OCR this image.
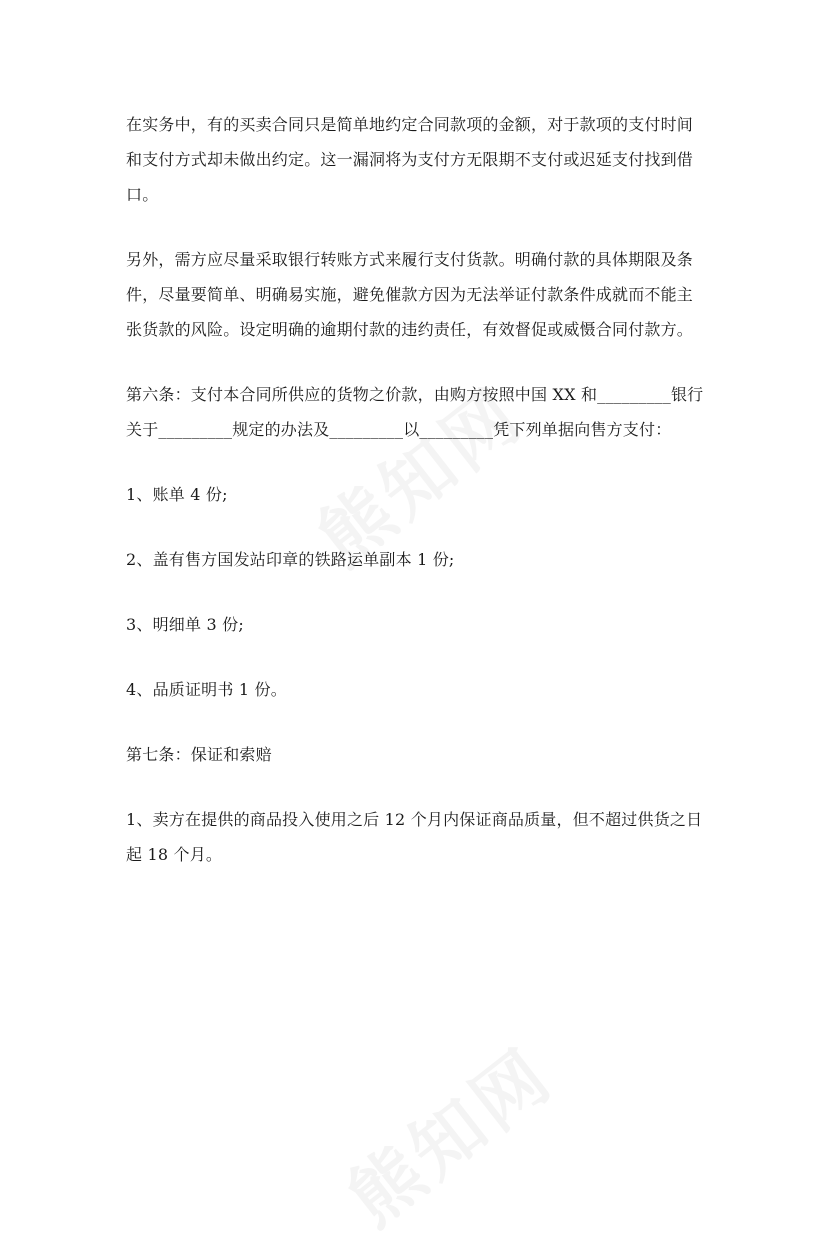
在实务中，有的买卖合同只是简单地约定合同款项的金额，对于款项的支付时间和支付方式却未做出约定。这一漏洞将为支付方无限期不支付或迟延支付找到借口。

另外，需方应尽量采取银行转账方式来履行支付货款。明确付款的具体期限及条件，尽量要简单、明确易实施，避免催款方因为无法举证付款条件成就而不能主张货款的风险。设定明确的逾期付款的违约责任，有效督促或威慑合同付款方。

第六条：支付本合同所供应的货物之价款，由购方按照中国 XX 和_________银行关于_________规定的办法及_________以_________凭下列单据向售方支付：

1、账单 4 份;

2、盖有售方国发站印章的铁路运单副本 1 份;

3、明细单 3 份;

4、品质证明书 1 份。

第七条：保证和索赔

1、卖方在提供的商品投入使用之后 12 个月内保证商品质量，但不超过供货之日起 18 个月。
